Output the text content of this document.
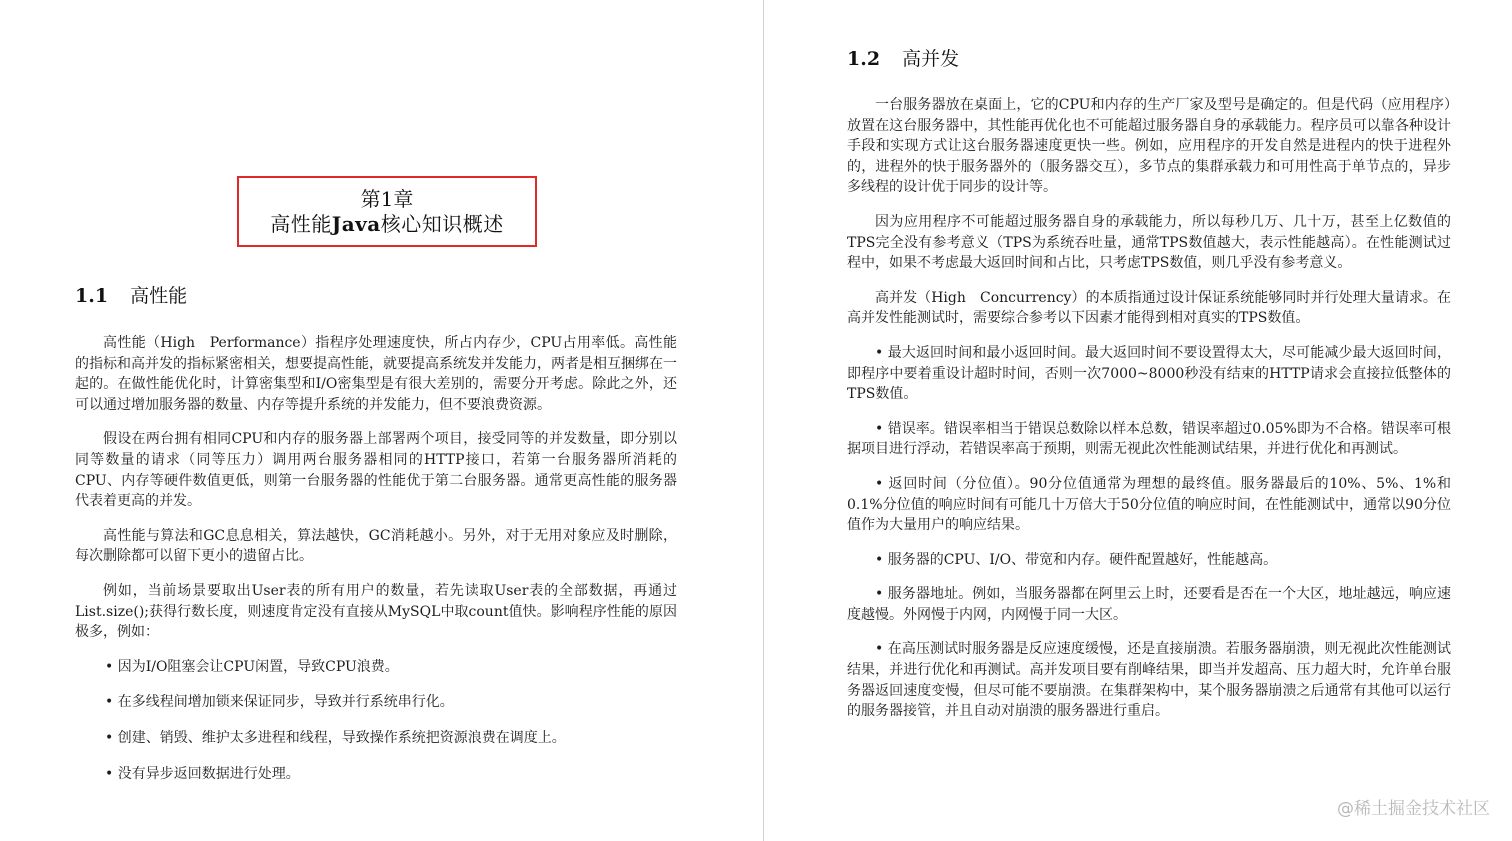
第1章
高性能Java核心知识概述
1.1 高性能

高性能（High　Performance）指程序处理速度快，所占内存少，CPU占用率低。高性能的指标和高并发的指标紧密相关，想要提高性能，就要提高系统发并发能力，两者是相互捆绑在一起的。在做性能优化时，计算密集型和I/O密集型是有很大差别的，需要分开考虑。除此之外，还可以通过增加服务器的数量、内存等提升系统的并发能力，但不要浪费资源。

假设在两台拥有相同CPU和内存的服务器上部署两个项目，接受同等的并发数量，即分别以同等数量的请求（同等压力）调用两台服务器相同的HTTP接口，若第一台服务器所消耗的CPU、内存等硬件数值更低，则第一台服务器的性能优于第二台服务器。通常更高性能的服务器代表着更高的并发。

高性能与算法和GC息息相关，算法越快，GC消耗越小。另外，对于无用对象应及时删除，每次删除都可以留下更小的遗留占比。

例如，当前场景要取出User表的所有用户的数量，若先读取User表的全部数据，再通过List.size();获得行数长度，则速度肯定没有直接从MySQL中取count值快。影响程序性能的原因极多，例如：

• 因为I/O阻塞会让CPU闲置，导致CPU浪费。

• 在多线程间增加锁来保证同步，导致并行系统串行化。

• 创建、销毁、维护太多进程和线程，导致操作系统把资源浪费在调度上。

• 没有异步返回数据进行处理。

1.2 高并发

一台服务器放在桌面上，它的CPU和内存的生产厂家及型号是确定的。但是代码（应用程序）放置在这台服务器中，其性能再优化也不可能超过服务器自身的承载能力。程序员可以靠各种设计手段和实现方式让这台服务器速度更快一些。例如，应用程序的开发自然是进程内的快于进程外的，进程外的快于服务器外的（服务器交互），多节点的集群承载力和可用性高于单节点的，异步多线程的设计优于同步的设计等。

因为应用程序不可能超过服务器自身的承载能力，所以每秒几万、几十万，甚至上亿数值的TPS完全没有参考意义（TPS为系统吞吐量，通常TPS数值越大，表示性能越高）。在性能测试过程中，如果不考虑最大返回时间和占比，只考虑TPS数值，则几乎没有参考意义。

高并发（High　Concurrency）的本质指通过设计保证系统能够同时并行处理大量请求。在高并发性能测试时，需要综合参考以下因素才能得到相对真实的TPS数值。

• 最大返回时间和最小返回时间。最大返回时间不要设置得太大，尽可能减少最大返回时间，即程序中要着重设计超时时间，否则一次7000~8000秒没有结束的HTTP请求会直接拉低整体的TPS数值。

• 错误率。错误率相当于错误总数除以样本总数，错误率超过0.05%即为不合格。错误率可根据项目进行浮动，若错误率高于预期，则需无视此次性能测试结果，并进行优化和再测试。

• 返回时间（分位值）。90分位值通常为理想的最终值。服务器最后的10%、5%、1%和0.1%分位值的响应时间有可能几十万倍大于50分位值的响应时间，在性能测试中，通常以90分位值作为大量用户的响应结果。

• 服务器的CPU、I/O、带宽和内存。硬件配置越好，性能越高。

• 服务器地址。例如，当服务器都在阿里云上时，还要看是否在一个大区，地址越远，响应速度越慢。外网慢于内网，内网慢于同一大区。

• 在高压测试时服务器是反应速度缓慢，还是直接崩溃。若服务器崩溃，则无视此次性能测试结果，并进行优化和再测试。高并发项目要有削峰结果，即当并发超高、压力超大时，允许单台服务器返回速度变慢，但尽可能不要崩溃。在集群架构中，某个服务器崩溃之后通常有其他可以运行的服务器接管，并且自动对崩溃的服务器进行重启。

@稀土掘金技术社区
